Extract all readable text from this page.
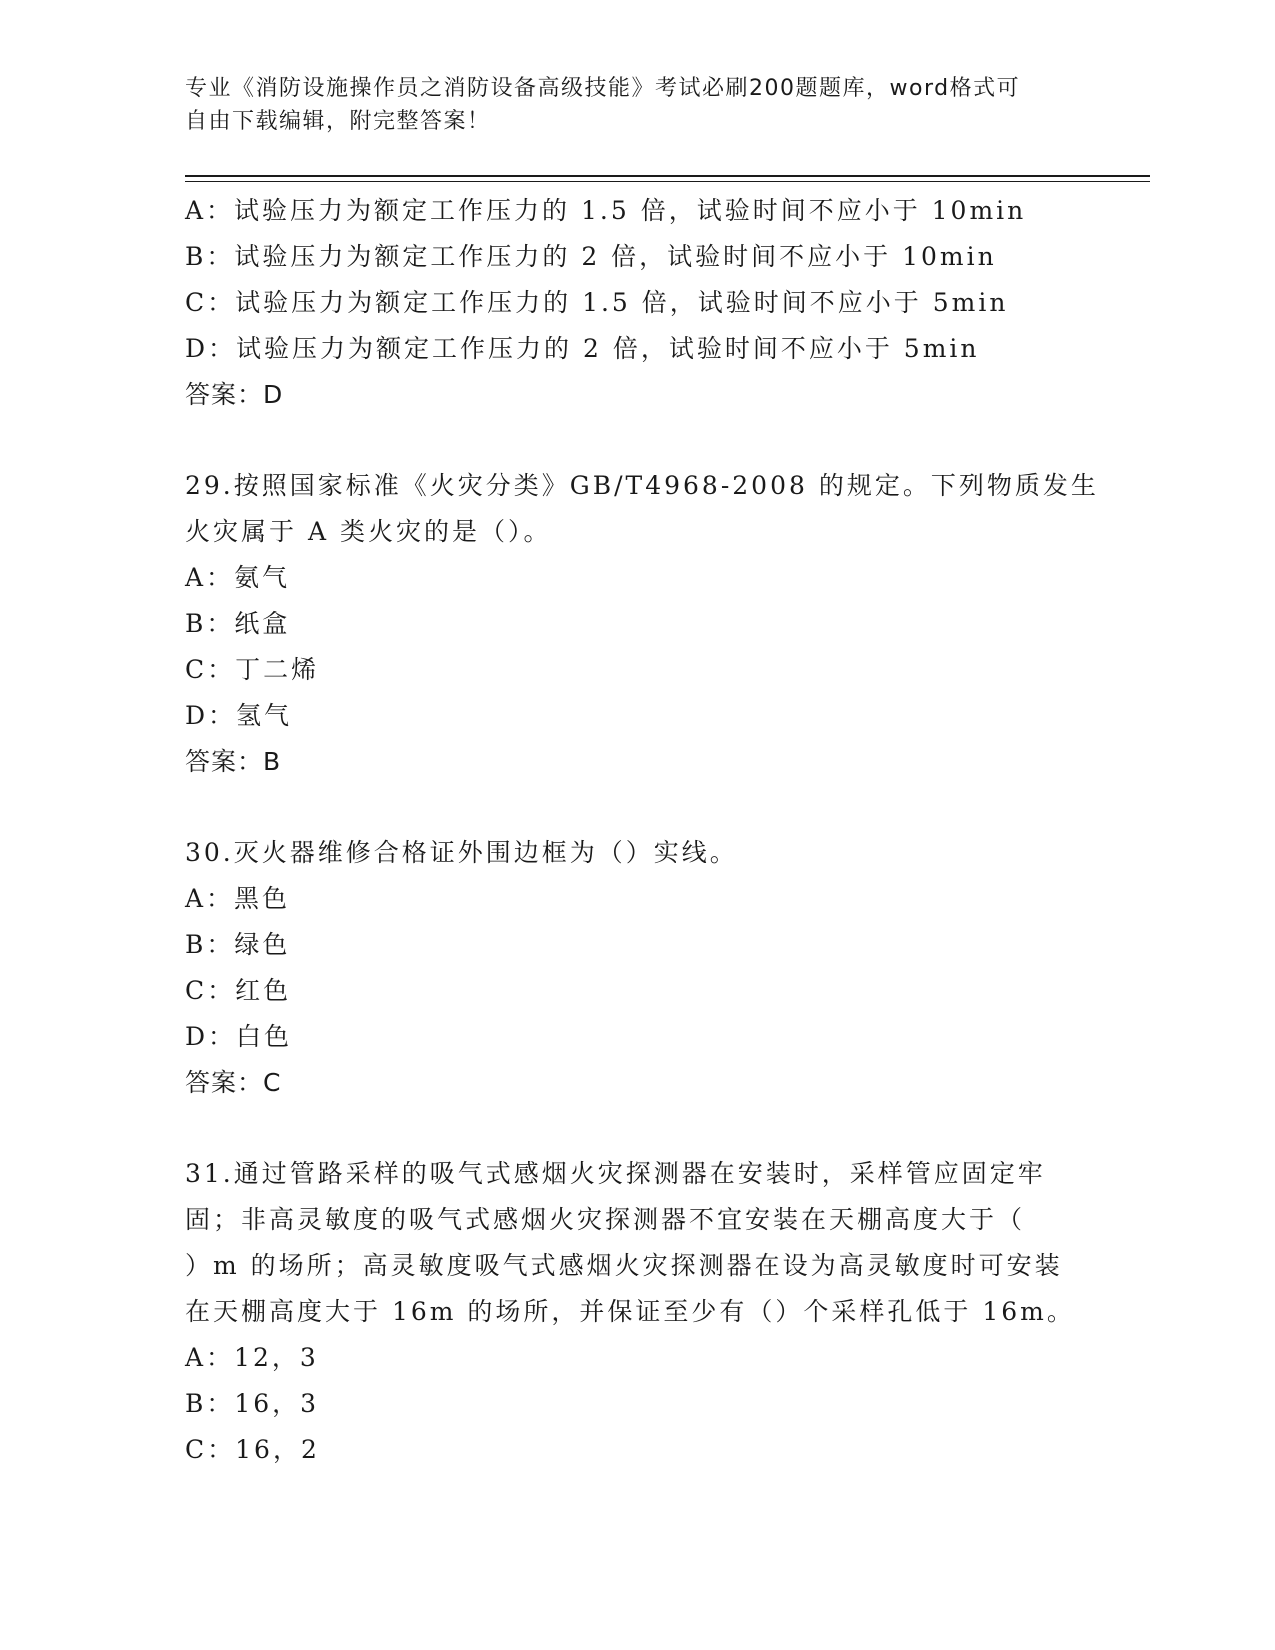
专业《消防设施操作员之消防设备高级技能》考试必刷200题题库，word格式可
自由下载编辑，附完整答案！
A：试验压力为额定工作压力的 1.5 倍，试验时间不应小于 10min
B：试验压力为额定工作压力的 2 倍，试验时间不应小于 10min
C：试验压力为额定工作压力的 1.5 倍，试验时间不应小于 5min
D：试验压力为额定工作压力的 2 倍，试验时间不应小于 5min
答案：D
29.按照国家标准《火灾分类》GB/T4968-2008 的规定。下列物质发生
火灾属于 A 类火灾的是（）。
A：氨气
B：纸盒
C：丁二烯
D：氢气
答案：B
30.灭火器维修合格证外围边框为（）实线。
A：黑色
B：绿色
C：红色
D：白色
答案：C
31.通过管路采样的吸气式感烟火灾探测器在安装时，采样管应固定牢
固；非高灵敏度的吸气式感烟火灾探测器不宜安装在天棚高度大于（
）m 的场所；高灵敏度吸气式感烟火灾探测器在设为高灵敏度时可安装
在天棚高度大于 16m 的场所，并保证至少有（）个采样孔低于 16m。
A：12，3
B：16，3
C：16，2
